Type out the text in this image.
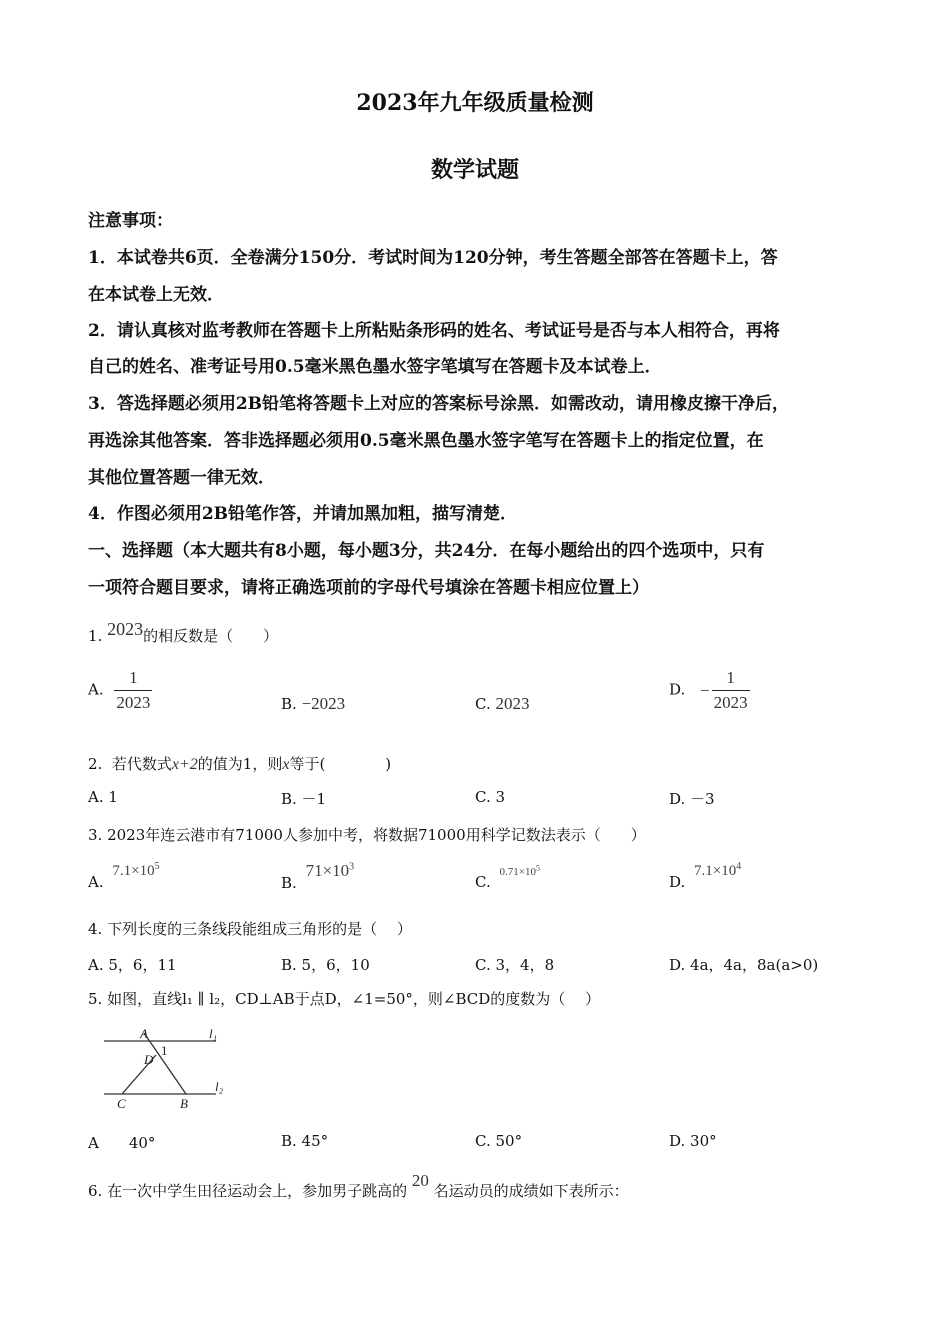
2023年九年级质量检测
数学试题
注意事项：
1．本试卷共6页．全卷满分150分．考试时间为120分钟，考生答题全部答在答题卡上，答
在本试卷上无效．
2．请认真核对监考教师在答题卡上所粘贴条形码的姓名、考试证号是否与本人相符合，再将
自己的姓名、准考证号用0.5毫米黑色墨水签字笔填写在答题卡及本试卷上．
3．答选择题必须用2B铅笔将答题卡上对应的答案标号涂黑．如需改动，请用橡皮擦干净后，
再选涂其他答案．答非选择题必须用0.5毫米黑色墨水签字笔写在答题卡上的指定位置，在
其他位置答题一律无效．
4．作图必须用2B铅笔作答，并请加黑加粗，描写清楚．
一、选择题（本大题共有8小题，每小题3分，共24分．在每小题给出的四个选项中，只有
一项符合题目要求，请将正确选项前的字母代号填涂在答题卡相应位置上）
1. 2023的相反数是（　　）
A. $\frac{1}{2023}$	B. −2023	C. 2023
D. − $\frac{1}{2023}$
2. 若代数式x+2的值为1，则x等于(　　　　)
A. 1	B. －1	C. 3	D. －3
3. 2023年连云港市有71000人参加中考，将数据71000用科学记数法表示（　　）
A. $7.1\times 10^5$
B. $71\times 10^3$
C. $0.71\times 10^5$
D. $7.1\times 10^4$
4. 下列长度的三条线段能组成三角形的是（　 ）
A. 5，6，11	B. 5，6，10	C. 3，4，8	D. 4a，4a，8a(a>0)
5. 如图，直线l₁ ∥ l₂，CD⊥AB于点D，∠1=50°，则∠BCD的度数为（　 ）
A
1
D
C	B
l₁
l₂
A　　40°	B. 45°	C. 50°	D. 30°
6. 在一次中学生田径运动会上，参加男子跳高的 20 名运动员的成绩如下表所示：
